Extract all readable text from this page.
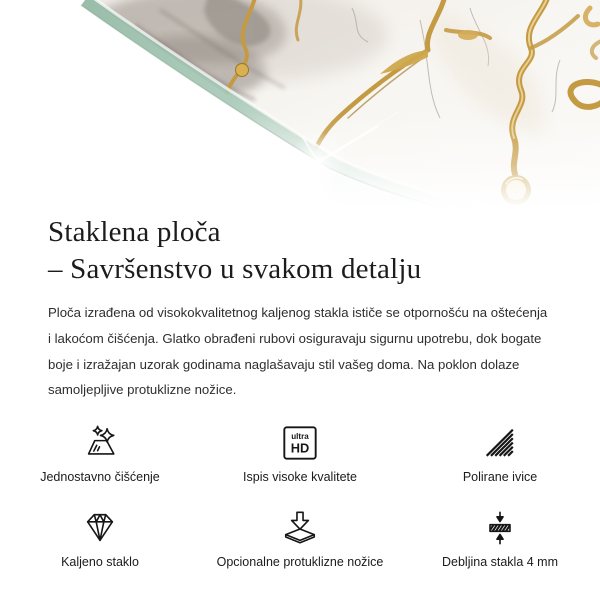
Staklena ploča
– Savršenstvo u svakom detalju

Ploča izrađena od visokokvalitetnog kaljenog stakla ističe se otpornošću na oštećenja i lakoćom čišćenja. Glatko obrađeni rubovi osiguravaju sigurnu upotrebu, dok bogate boje i izražajan uzorak godinama naglašavaju stil vašeg doma. Na poklon dolaze samoljepljive protuklizne nožice.

Jednostavno čišćenje
ultra
HD
Ispis visoke kvalitete	Polirane ivice
Kaljeno staklo	Opcionalne protuklizne nožice	Debljina stakla 4 mm
